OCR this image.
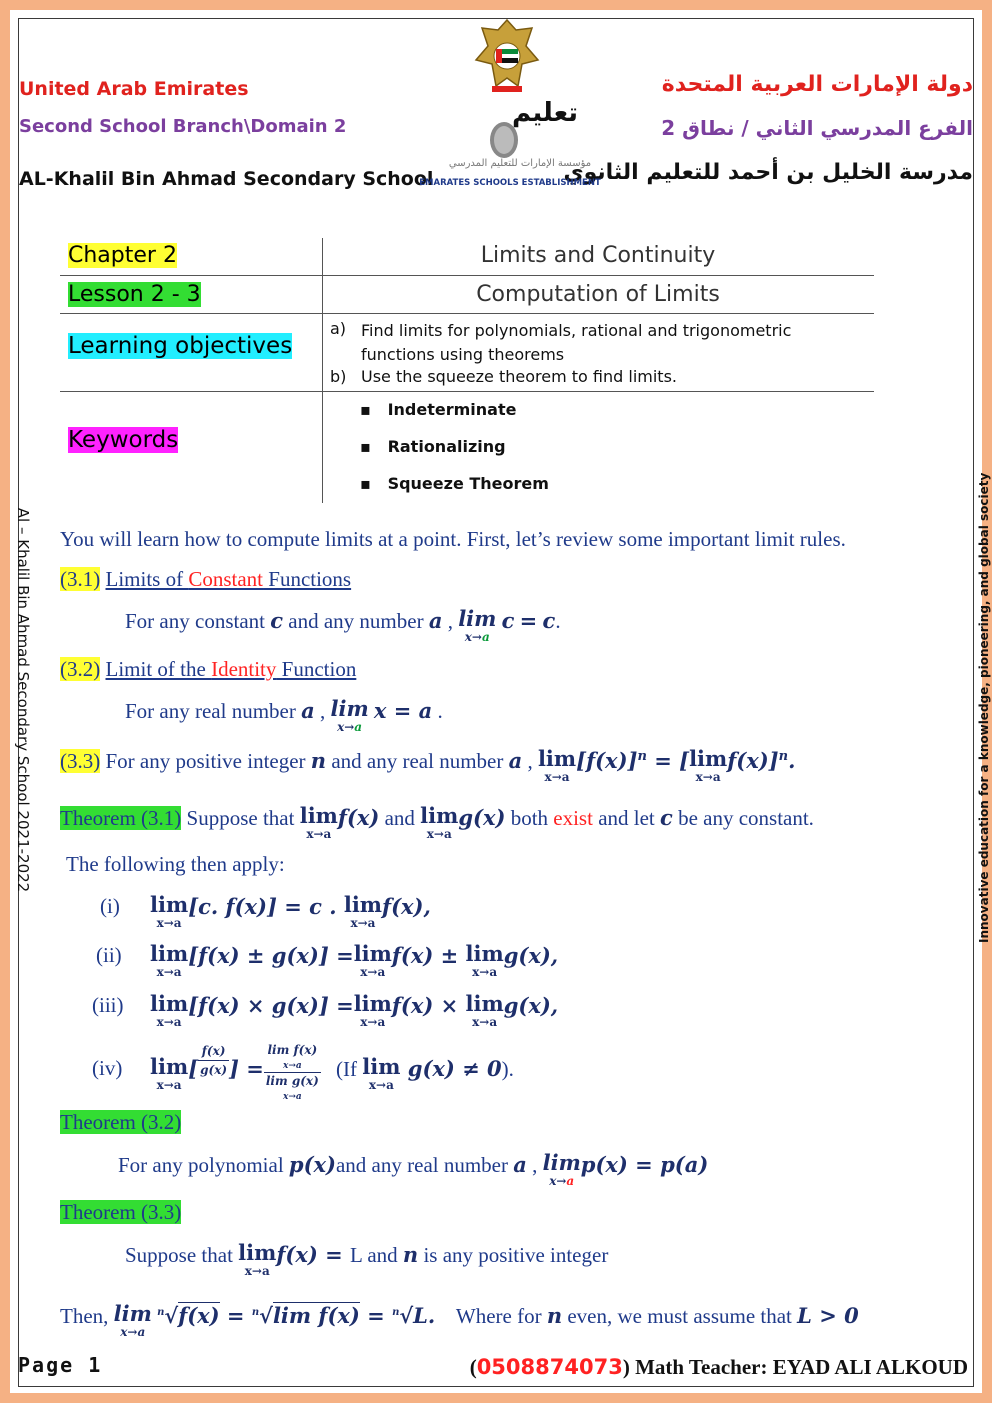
United Arab Emirates
Second School Branch\Domain 2
AL-Khalil Bin Ahmad Secondary School
دولة الإمارات العربية المتحدة
الفرع المدرسي الثاني / نطاق 2
مدرسة الخليل بن أحمد للتعليم الثانوي
تعليم
مؤسسة الإمارات للتعليم المدرسي
EMARATES SCHOOLS ESTABLISHMENT
Chapter 2	Limits and Continuity
Lesson 2 - 3	Computation of Limits
Learning objectives
a) Find limits for polynomials, rational and trigonometric functions using theorems
b) Use the squeeze theorem to find limits.
Keywords
▪   Indeterminate
▪   Rationalizing
▪   Squeeze Theorem
Al – Khalil Bin Ahmad Secondary School 2021-2022	Innovative education for a knowledge, pioneering, and global society
You will learn how to compute limits at a point. First, let’s review some important limit rules.
(3.1) Limits of Constant Functions
For any constant c and any number a , lim
x→a
c = c.
(3.2) Limit of the Identity Function
For any real number a , lim
x→a
x = a .
(3.3) For any positive integer n and any real number a , lim
x→a
$[f(x)]^n$ = [ lim
x→a
f(x)]$^n$.
Theorem (3.1) Suppose that lim
x→a
f(x) and lim
x→a
g(x) both exist and let c be any constant.
The following then apply:
(i) lim
x→a
[c. f(x)] = c . lim
x→a
f(x),
(ii) lim
x→a
[f(x) ± g(x)] = lim
x→a
f(x) ± lim
x→a
g(x),
(iii) lim
x→a
[f(x) × g(x)] = lim
x→a
f(x) × lim
x→a
g(x),
(iv) lim
x→a
[ $\frac{f(x)}{g(x)}$ ] =
lim f(x)
x→a
lim g(x)
x→a
(If lim
x→a
g(x) ≠ 0).
Theorem (3.2)
For any polynomial p(x)and any real number a , lim
x→a
p(x) = p(a)
Theorem (3.3)
Suppose that lim
x→a
f(x) = L and n is any positive integer
Then, lim
x→a
$^n$√f(x) = $^n$√lim f(x) = $^n$√L. Where for n even, we must assume that L > 0
Page 1	(0508874073) Math Teacher: EYAD ALI ALKOUD
